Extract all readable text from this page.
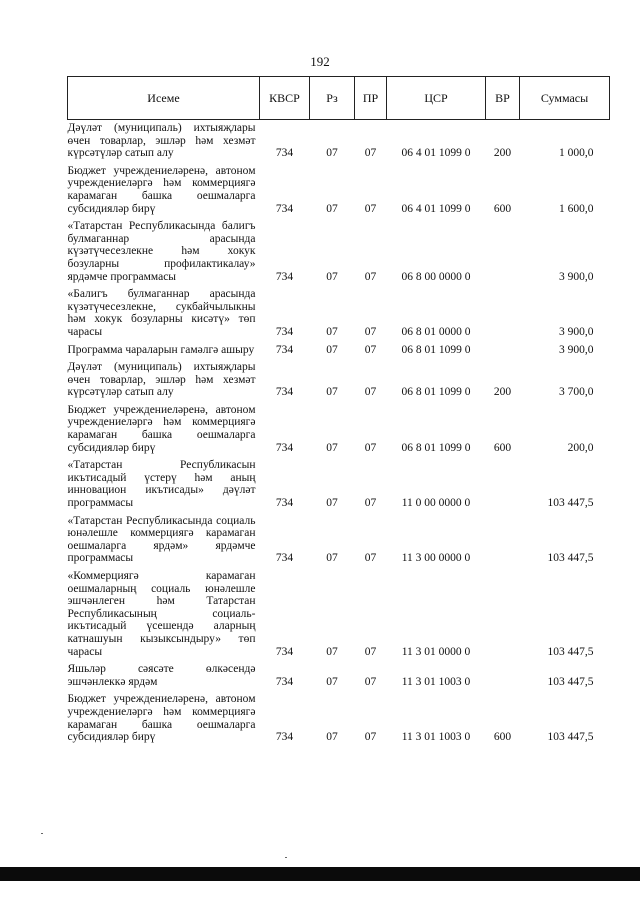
192
Исеме	КВСР	Рз	ПР	ЦСР	ВР	Суммасы
Дәүләт (муниципаль) ихтыяҗлары өчен товарлар, эшләр һәм хезмәт күрсәтүләр сатып алу	734	07	07	06 4 01 1099 0	200	1 000,0
Бюджет учреждениеләренә, автоном учреждениеләргә һәм коммерциягә карамаган башка оешмаларга субсидияләр бирү	734	07	07	06 4 01 1099 0	600	1 600,0
«Татарстан Республикасында балигъ булмаганнар арасында күзәтүчесезлекне һәм хокук бозуларны профилактикалау» ярдәмче программасы	734	07	07	06 8 00 0000 0		3 900,0
«Балигъ булмаганнар арасында күзәтүчесезлекне, сукбайчылыкны һәм хокук бозуларны кисәтү» төп чарасы	734	07	07	06 8 01 0000 0		3 900,0
Программа чараларын гамәлгә ашыру	734	07	07	06 8 01 1099 0		3 900,0
Дәүләт (муниципаль) ихтыяҗлары өчен товарлар, эшләр һәм хезмәт күрсәтүләр сатып алу	734	07	07	06 8 01 1099 0	200	3 700,0
Бюджет учреждениеләренә, автоном учреждениеләргә һәм коммерциягә карамаган башка оешмаларга субсидияләр бирү	734	07	07	06 8 01 1099 0	600	200,0
«Татарстан Республикасын икътисадый үстерү һәм аның инновацион икътисады» дәүләт программасы	734	07	07	11 0 00 0000 0		103 447,5
«Татарстан Республикасында социаль юнәлешле коммерциягә карамаган оешмаларга ярдәм» ярдәмче программасы	734	07	07	11 3 00 0000 0		103 447,5
«Коммерциягә карамаган оешмаларның социаль юнәлешле эшчәнлеген һәм Татарстан Республикасының социаль-икътисадый үсешендә аларның катнашуын кызыксындыру» төп чарасы	734	07	07	11 3 01 0000 0		103 447,5
Яшьләр сәясәте өлкәсендә эшчәнлеккә ярдәм	734	07	07	11 3 01 1003 0		103 447,5
Бюджет учреждениеләренә, автоном учреждениеләргә һәм коммерциягә карамаган башка оешмаларга субсидияләр бирү	734	07	07	11 3 01 1003 0	600	103 447,5
